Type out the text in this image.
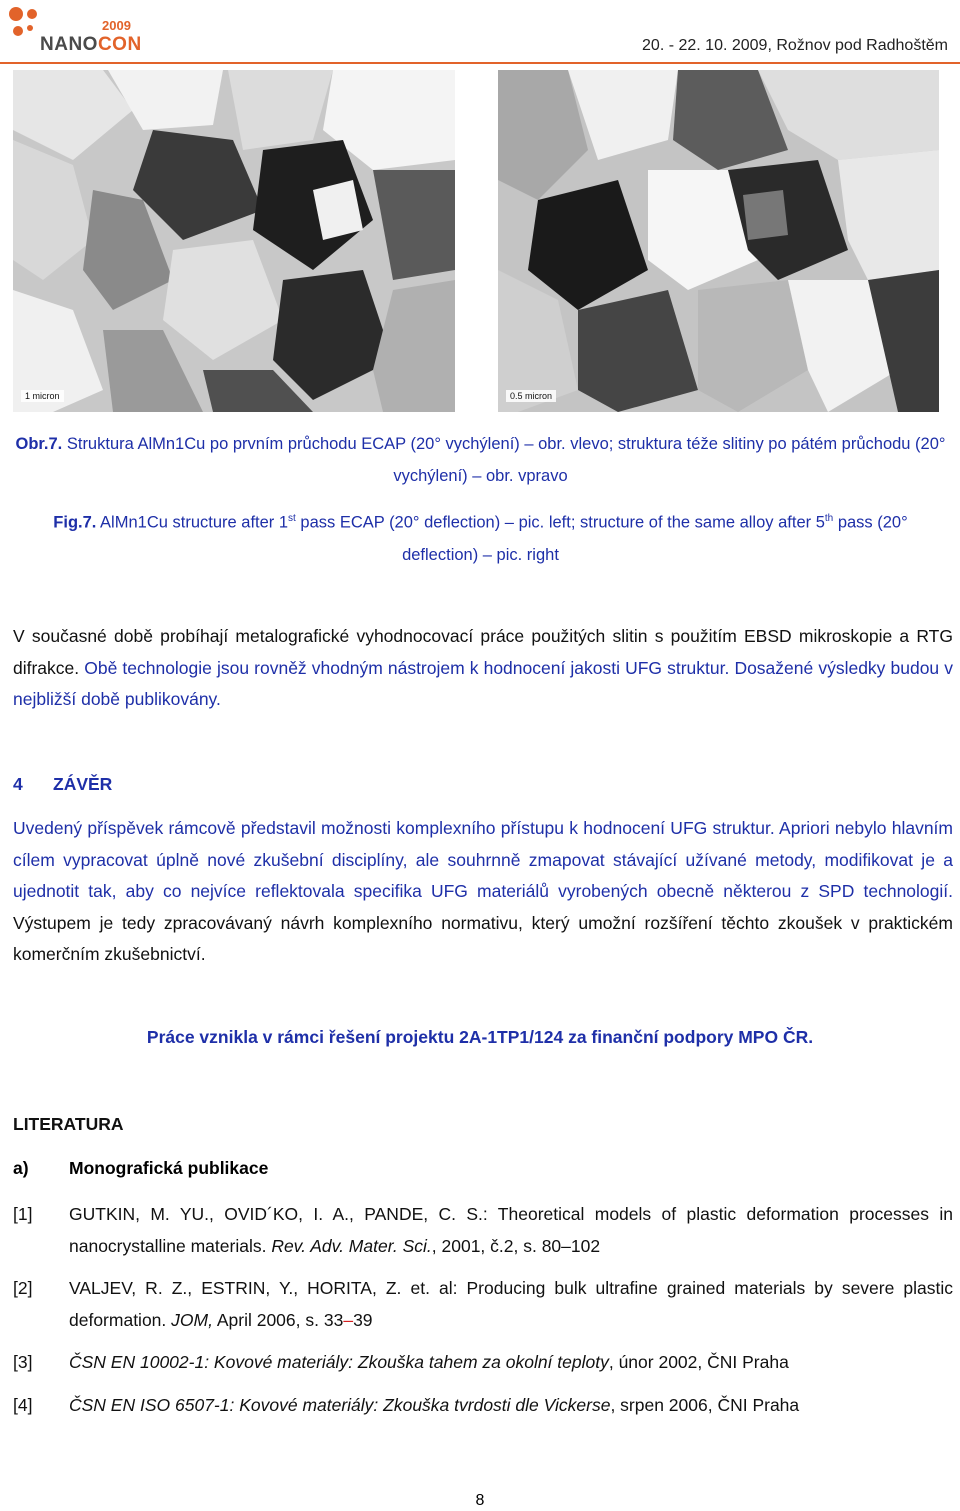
2009
NANOCON	20. - 22. 10. 2009, Rožnov pod Radhoštěm
1 micron	0.5 micron
Obr.7. Struktura AlMn1Cu po prvním průchodu ECAP (20° vychýlení) – obr. vlevo; struktura téže slitiny po pátém průchodu (20° vychýlení) – obr. vpravo
Fig.7. AlMn1Cu structure after 1st pass ECAP (20° deflection) – pic. left; structure of the same alloy after 5th pass (20° deflection) – pic. right
V současné době probíhají metalografické vyhodnocovací práce použitých slitin s použitím EBSD mikroskopie a RTG difrakce. Obě technologie jsou rovněž vhodným nástrojem k hodnocení jakosti UFG struktur. Dosažené výsledky budou v nejbližší době publikovány.
4 ZÁVĚR
Uvedený příspěvek rámcově představil možnosti komplexního přístupu k hodnocení UFG struktur. Apriori nebylo hlavním cílem vypracovat úplně nové zkušební disciplíny, ale souhrnně zmapovat stávající užívané metody, modifikovat je a ujednotit tak, aby co nejvíce reflektovala specifika UFG materiálů vyrobených obecně některou z SPD technologií. Výstupem je tedy zpracovávaný návrh komplexního normativu, který umožní rozšíření těchto zkoušek v praktickém komerčním zkušebnictví.
Práce vznikla v rámci řešení projektu 2A-1TP1/124 za finanční podpory MPO ČR.
LITERATURA
a) Monografická publikace
[1] GUTKIN, M. YU., OVID´KO, I. A., PANDE, C. S.: Theoretical models of plastic deformation processes in nanocrystalline materials. Rev. Adv. Mater. Sci., 2001, č.2, s. 80–102
[2] VALJEV, R. Z., ESTRIN, Y., HORITA, Z. et. al: Producing bulk ultrafine grained materials by severe plastic deformation. JOM, April 2006, s. 33–39
[3] ČSN EN 10002-1: Kovové materiály: Zkouška tahem za okolní teploty, únor 2002, ČNI Praha
[4] ČSN EN ISO 6507-1: Kovové materiály: Zkouška tvrdosti dle Vickerse, srpen 2006, ČNI Praha
8
